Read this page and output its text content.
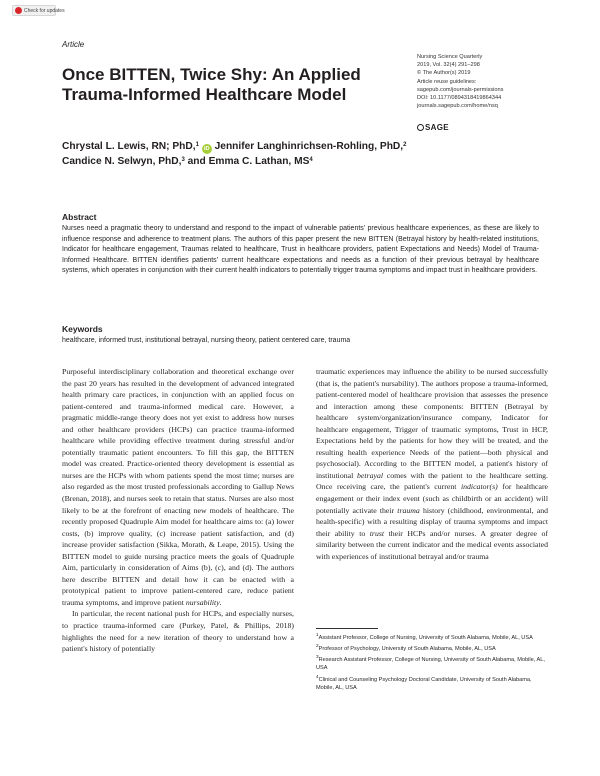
Check for updates
Article
Once BITTEN, Twice Shy: An Applied Trauma-Informed Healthcare Model
Nursing Science Quarterly
2019, Vol. 32(4) 291–298
© The Author(s) 2019
Article reuse guidelines:
sagepub.com/journals-permissions
DOI: 10.1177/0894318419864344
journals.sagepub.com/home/nsq
SAGE
Chrystal L. Lewis, RN; PhD,$^1$ iD Jennifer Langhinrichsen-Rohling, PhD,$^2$
Candice N. Selwyn, PhD,$^3$ and Emma C. Lathan, $MS^4$
Abstract
Nurses need a pragmatic theory to understand and respond to the impact of vulnerable patients' previous healthcare experiences, as these are likely to influence response and adherence to treatment plans. The authors of this paper present the new BITTEN (Betrayal history by health-related institutions, Indicator for healthcare engagement, Traumas related to healthcare, Trust in healthcare providers, patient Expectations and Needs) Model of Trauma-Informed Healthcare. BITTEN identifies patients' current healthcare expectations and needs as a function of their previous betrayal by healthcare systems, which operates in conjunction with their current health indicators to potentially trigger trauma symptoms and impact trust in healthcare providers.
Keywords
healthcare, informed trust, institutional betrayal, nursing theory, patient centered care, trauma

Purposeful interdisciplinary collaboration and theoretical exchange over the past 20 years has resulted in the development of advanced integrated health primary care practices, in conjunction with an applied focus on patient-centered and trauma-informed medical care. However, a pragmatic middle-range theory does not yet exist to address how nurses and other healthcare providers (HCPs) can practice trauma-informed healthcare while providing effective treatment during stressful and/or potentially traumatic patient encounters. To fill this gap, the BITTEN model was created. Practice-oriented theory development is essential as nurses are the HCPs with whom patients spend the most time; nurses are also regarded as the most trusted professionals according to Gallup News (Brenan, 2018), and nurses seek to retain that status. Nurses are also most likely to be at the forefront of enacting new models of healthcare. The recently proposed Quadruple Aim model for healthcare aims to: (a) lower costs, (b) improve quality, (c) increase patient satisfaction, and (d) increase provider satisfaction (Sikka, Morath, & Leape, 2015). Using the BITTEN model to guide nursing practice meets the goals of Quadruple Aim, particularly in consideration of Aims (b), (c), and (d). The authors here describe BITTEN and detail how it can be enacted with a prototypical patient to improve patient-centered care, reduce patient trauma symptoms, and improve patient nursability.

In particular, the recent national push for HCPs, and especially nurses, to practice trauma-informed care (Purkey, Patel, & Phillips, 2018) highlights the need for a new iteration of theory to understand how a patient's history of potentially

traumatic experiences may influence the ability to be nursed successfully (that is, the patient's nursability). The authors propose a trauma-informed, patient-centered model of healthcare provision that assesses the presence and interaction among these components: BITTEN (Betrayal by healthcare system/organization/insurance company, Indicator for healthcare engagement, Trigger of traumatic symptoms, Trust in HCP, Expectations held by the patients for how they will be treated, and the resulting health experience Needs of the patient—both physical and psychosocial). According to the BITTEN model, a patient's history of institutional betrayal comes with the patient to the healthcare setting. Once receiving care, the patient's current indicator(s) for healthcare engagement or their index event (such as childbirth or an accident) will potentially activate their trauma history (childhood, environmental, and health-specific) with a resulting display of trauma symptoms and impact their ability to trust their HCPs and/or nurses. A greater degree of similarity between the current indicator and the medical events associated with experiences of institutional betrayal and/or trauma

$^1$Assistant Professor, College of Nursing, University of South Alabama, Mobile, AL, USA
$^2$Professor of Psychology, University of South Alabama, Mobile, AL, USA
$^3$Research Assistant Professor, College of Nursing, University of South Alabama, Mobile, AL, USA
$^4$Clinical and Counseling Psychology Doctoral Candidate, University of South Alabama, Mobile, AL, USA
